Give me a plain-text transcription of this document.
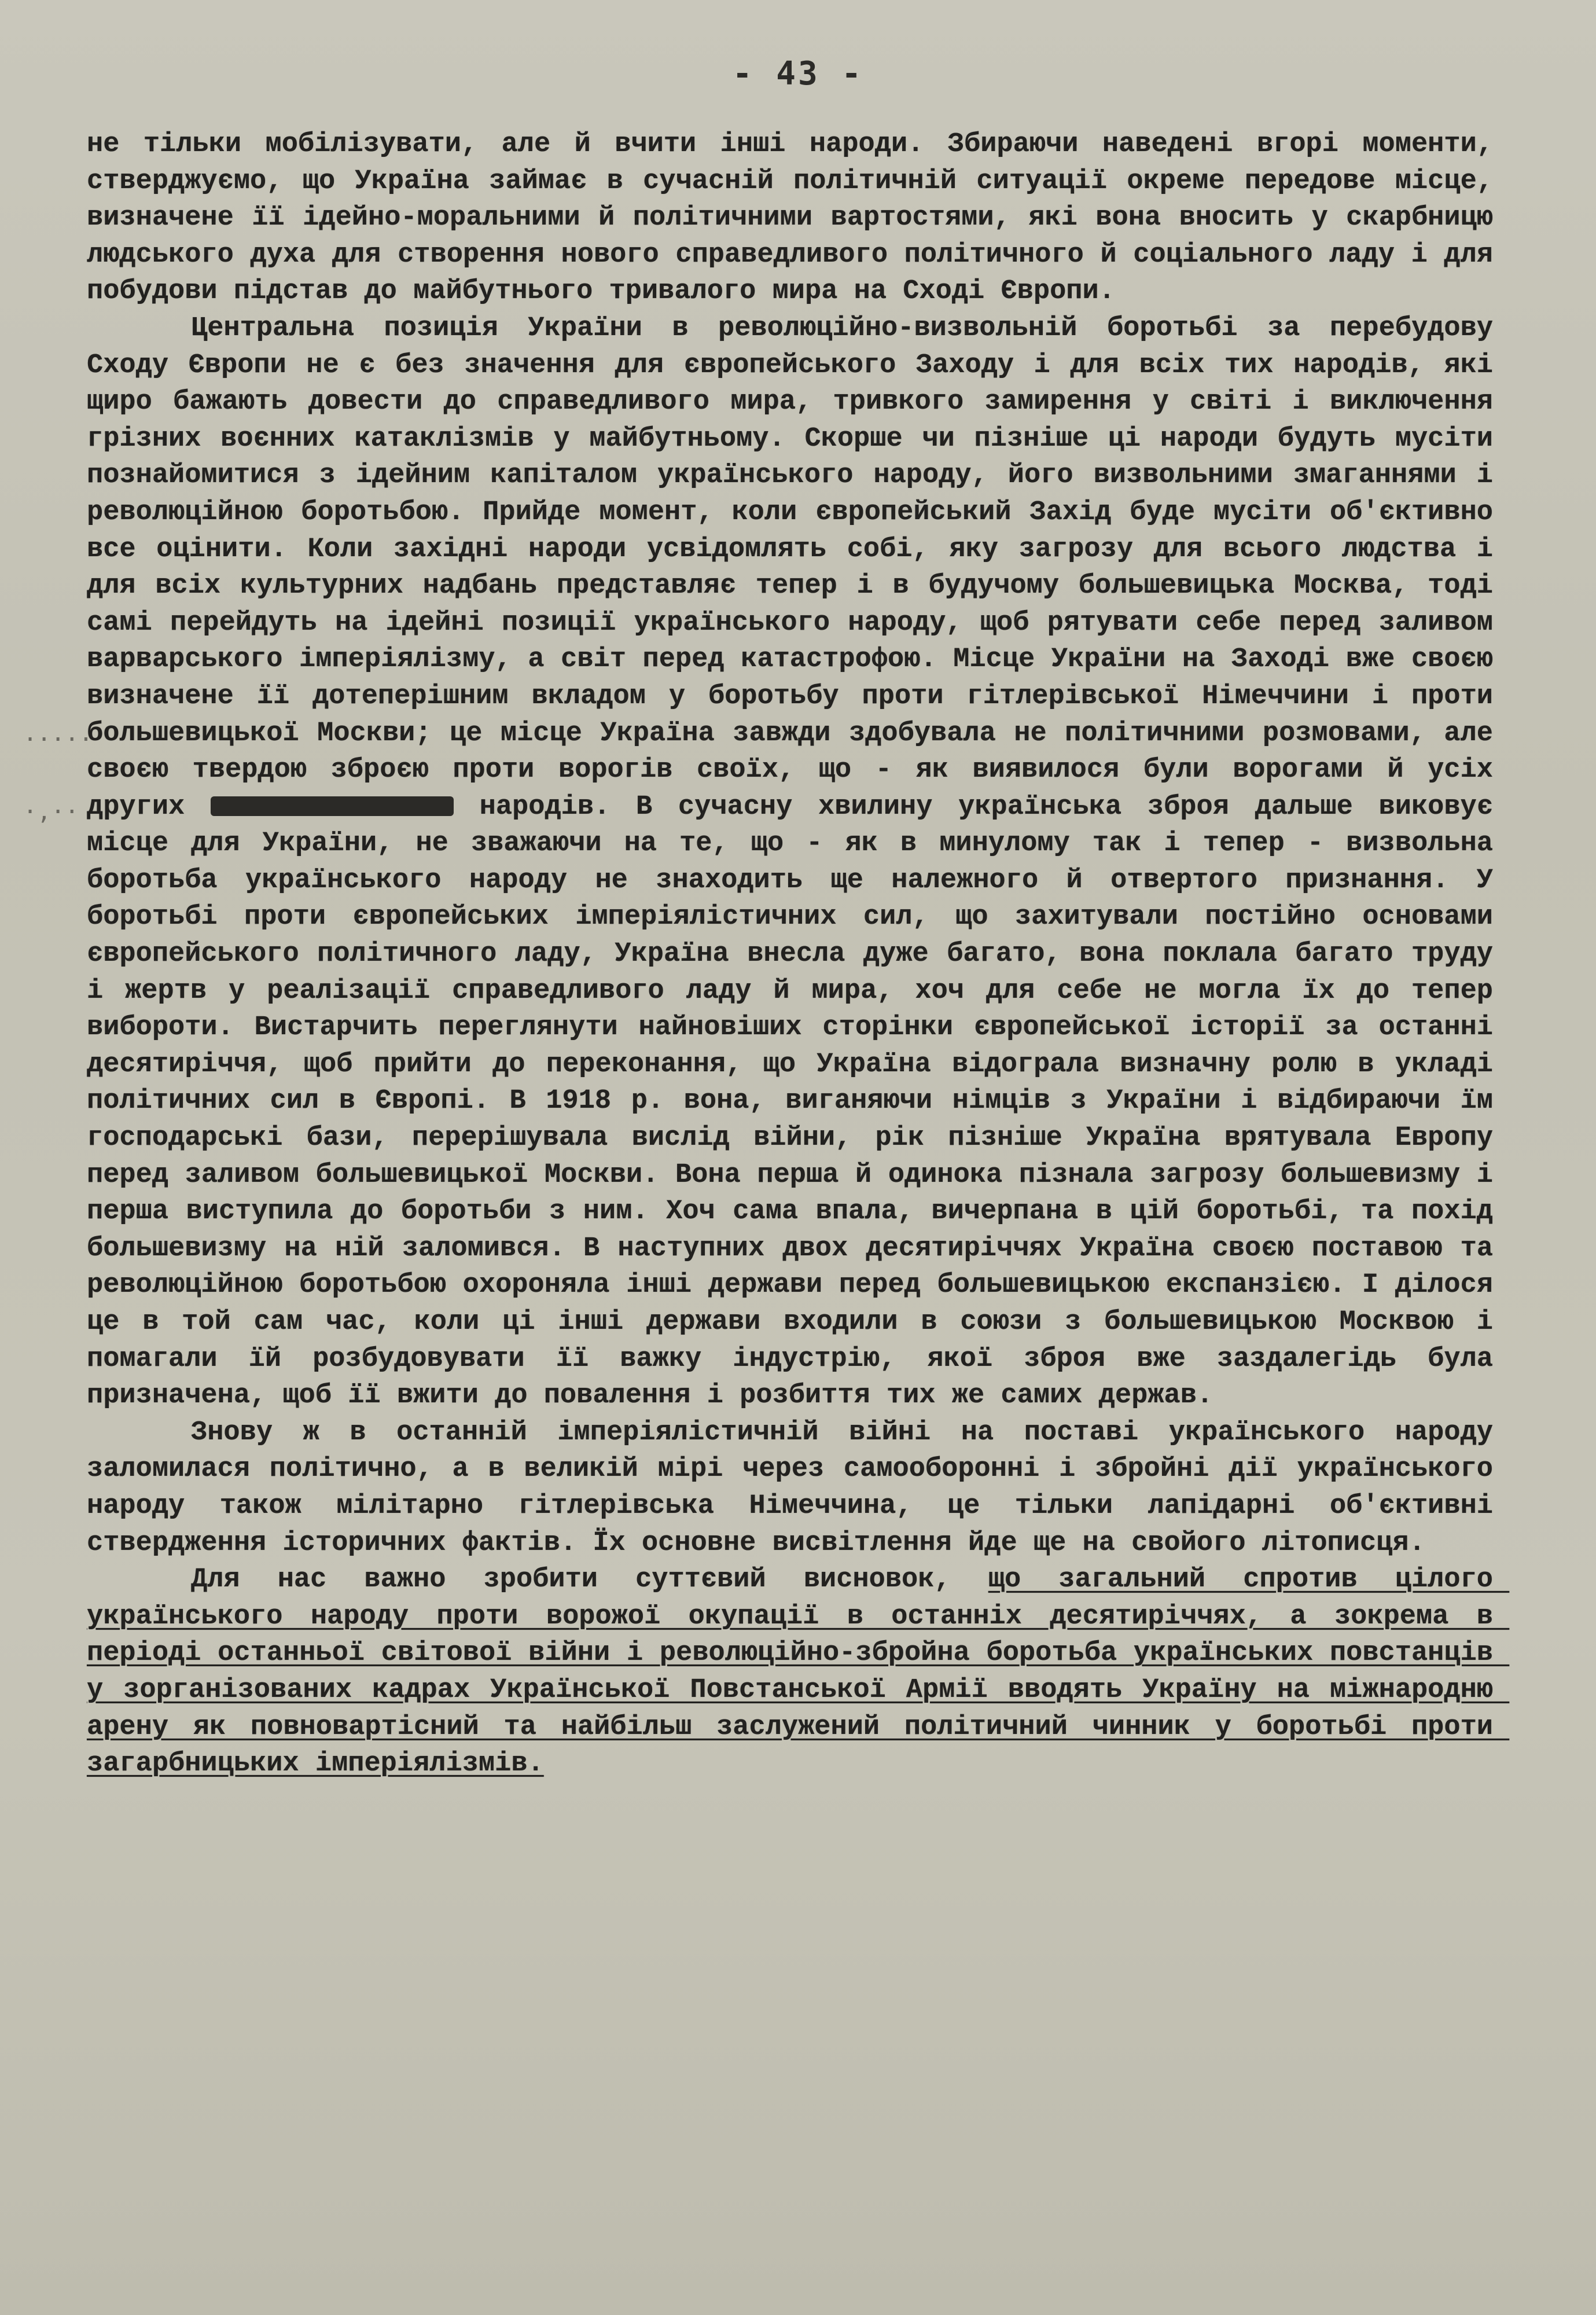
- 43 -
·····
·,··

не тільки мобілізувати, але й вчити інші народи. Збираючи наведені вгорі моменти, стверджуємо, що Україна займає в сучасній політичній ситуації окреме передове місце, визначене її ідейно-моральними й політичними вартостями, які вона вносить у скарбницю людського духа для створення нового справедливого політичного й соціального ладу і для побудови підстав до майбутнього тривалого мира на Сході Європи.

Центральна позиція України в революційно-визвольній боротьбі за перебудову Сходу Європи не є без значення для європейського Заходу і для всіх тих народів, які щиро бажають довести до справедливого мира, тривкого замирення у світі і виключення грізних воєнних катаклізмів у майбутньому. Скорше чи пізніше ці народи будуть мусіти познайомитися з ідейним капіталом українського народу, його визвольними змаганнями і революційною боротьбою. Прийде момент, коли європейський Захід буде мусіти об'єктивно все оцінити. Коли західні народи усвідомлять собі, яку загрозу для всього людства і для всіх культурних надбань представляє тепер і в будучому большевицька Москва, тоді самі перейдуть на ідейні позиції українського народу, щоб рятувати себе перед заливом варварського імперіялізму, а світ перед катастрофою. Місце України на Заході вже своєю визначене її дотеперішним вкладом у боротьбу проти гітлерівської Німеччини і проти большевицької Москви; це місце Україна завжди здобувала не політичними розмовами, але своєю твердою зброєю проти ворогів своїх, що - як виявилося були ворогами й усіх других	народів. В сучасну хвилину українська зброя дальше виковує місце для України, не зважаючи на те, що - як в минулому так і тепер - визвольна боротьба українського народу не знаходить ще належного й отвертого признання. У боротьбі проти європейських імперіялістичних сил, що захитували постійно основами європейського політичного ладу, Україна внесла дуже багато, вона поклала багато труду і жертв у реалізації справедливого ладу й мира, хоч для себе не могла їх до тепер вибороти. Вистарчить переглянути найновіших сторінки європейської історії за останні десятиріччя, щоб прийти до переконання, що Україна відограла визначну ролю в укладі політичних сил в Європі. В 1918 р. вона, виганяючи німців з України і відбираючи їм господарські бази, перерішувала вислід війни, рік пізніше Україна врятувала Европу перед заливом большевицької Москви. Вона перша й одинока пізнала загрозу большевизму і перша виступила до боротьби з ним. Хоч сама впала, вичерпана в цій боротьбі, та похід большевизму на ній заломився. В наступних двох десятиріччях Україна своєю поставою та революційною боротьбою охороняла інші держави перед большевицькою експанзією. І ділося це в той сам час, коли ці інші держави входили в союзи з большевицькою Москвою і помагали їй розбудовувати її важку індустрію, якої зброя вже заздалегідь була призначена, щоб її вжити до повалення і розбиття тих же самих держав.

Знову ж в останній імперіялістичній війні на поставі українського народу заломилася політично, а в великій мірі через самооборонні і збройні дії українського народу також мілітарно гітлерівська Німеччина, це тільки лапідарні об'єктивні ствердження історичних фактів. Їх основне висвітлення йде ще на свойого літописця.

Для нас важно зробити суттєвий висновок, що загальний спротив цілого українського народу проти ворожої окупації в останніх десятиріччях, а зокрема в періоді останньої світової війни і революційно-збройна боротьба українських повстанців у зорганізованих кадрах Української Повстанської Армії вводять Україну на міжнародню арену як повновартісний та найбільш заслужений політичний чинник у боротьбі проти загарбницьких імперіялізмів.
